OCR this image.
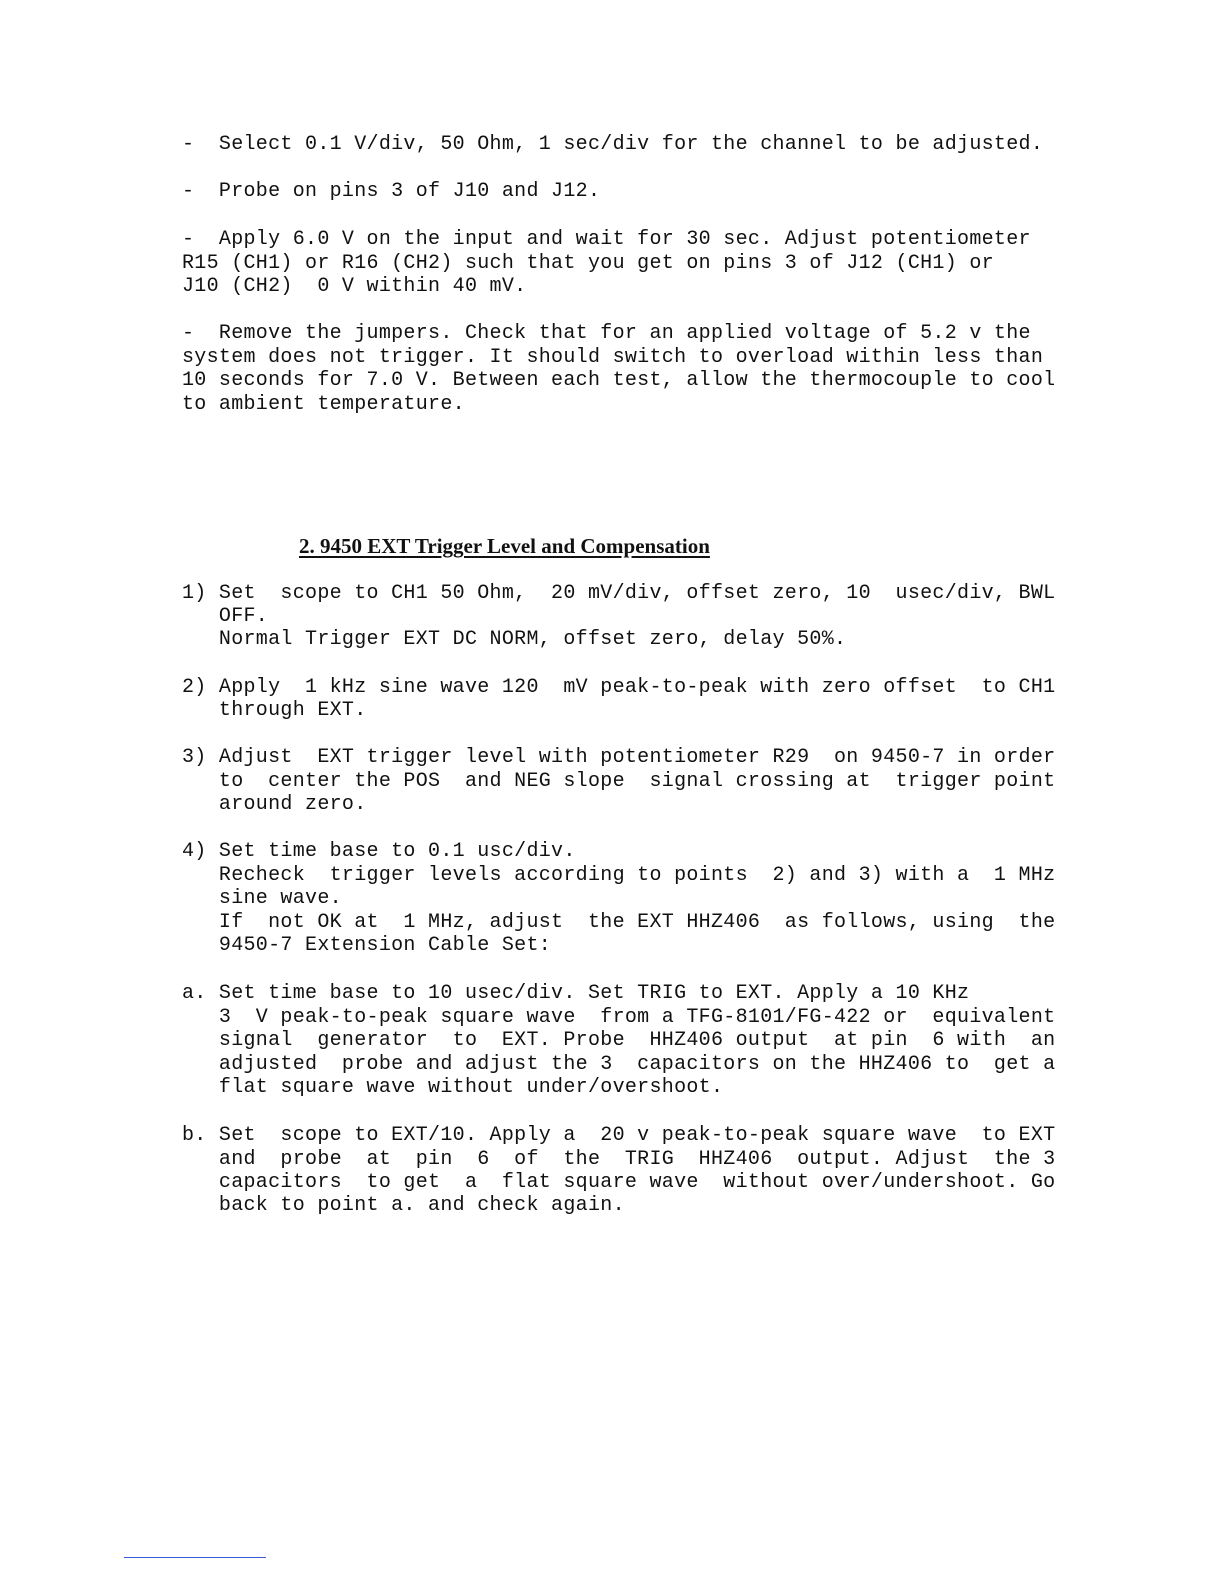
-  Select 0.1 V/div, 50 Ohm, 1 sec/div for the channel to be adjusted.
-  Probe on pins 3 of J10 and J12.
-  Apply 6.0 V on the input and wait for 30 sec. Adjust potentiometer
R15 (CH1) or R16 (CH2) such that you get on pins 3 of J12 (CH1) or
J10 (CH2)  0 V within 40 mV.
-  Remove the jumpers. Check that for an applied voltage of 5.2 v the
system does not trigger. It should switch to overload within less than
10 seconds for 7.0 V. Between each test, allow the thermocouple to cool
to ambient temperature.
2. 9450 EXT Trigger Level and Compensation
1) Set  scope to CH1 50 Ohm,  20 mV/div, offset zero, 10  usec/div, BWL
OFF.
Normal Trigger EXT DC NORM, offset zero, delay 50%.
2) Apply  1 kHz sine wave 120  mV peak-to-peak with zero offset  to CH1
through EXT.
3) Adjust  EXT trigger level with potentiometer R29  on 9450-7 in order
to  center the POS  and NEG slope  signal crossing at  trigger point
around zero.
4) Set time base to 0.1 usc/div.
Recheck  trigger levels according to points  2) and 3) with a  1 MHz
sine wave.
If  not OK at  1 MHz, adjust  the EXT HHZ406  as follows, using  the
9450-7 Extension Cable Set:
a. Set time base to 10 usec/div. Set TRIG to EXT. Apply a 10 KHz
3  V peak-to-peak square wave  from a TFG-8101/FG-422 or  equivalent
signal  generator  to  EXT. Probe  HHZ406 output  at pin  6 with  an
adjusted  probe and adjust the 3  capacitors on the HHZ406 to  get a
flat square wave without under/overshoot.
b. Set  scope to EXT/10. Apply a  20 v peak-to-peak square wave  to EXT
and  probe  at  pin  6  of  the  TRIG  HHZ406  output. Adjust  the 3
capacitors  to get  a  flat square wave  without over/undershoot. Go
back to point a. and check again.
